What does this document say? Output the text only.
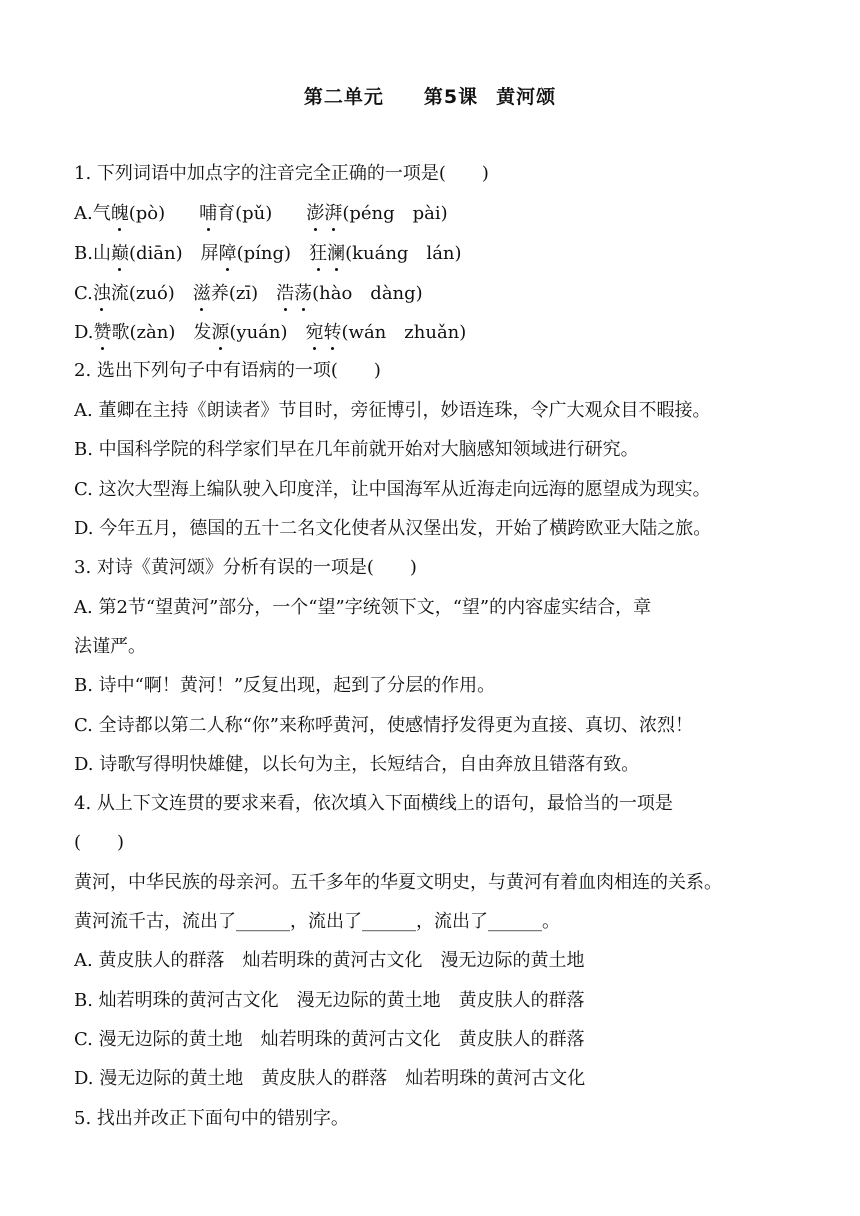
第二单元 第5课 黄河颂
1. 下列词语中加点字的注音完全正确的一项是(　　)
A.气魄(pò) 哺育(pǔ) 澎湃(péng　pài)
B.山巅(diān) 屏障(píng) 狂澜(kuáng　lán)
C.浊流(zuó) 滋养(zī) 浩荡(hào　dàng)
D.赞歌(zàn) 发源(yuán) 宛转(wán　zhuǎn)
2. 选出下列句子中有语病的一项(　　)
A. 董卿在主持《朗读者》节目时，旁征博引，妙语连珠，令广大观众目不暇接。
B. 中国科学院的科学家们早在几年前就开始对大脑感知领域进行研究。
C. 这次大型海上编队驶入印度洋，让中国海军从近海走向远海的愿望成为现实。
D. 今年五月，德国的五十二名文化使者从汉堡出发，开始了横跨欧亚大陆之旅。
3. 对诗《黄河颂》分析有误的一项是(　　)
A. 第2节“望黄河”部分，一个“望”字统领下文，“望”的内容虚实结合，章
法谨严。
B. 诗中“啊！黄河！”反复出现，起到了分层的作用。
C. 全诗都以第二人称“你”来称呼黄河，使感情抒发得更为直接、真切、浓烈！
D. 诗歌写得明快雄健，以长句为主，长短结合，自由奔放且错落有致。
4. 从上下文连贯的要求来看，依次填入下面横线上的语句，最恰当的一项是
(　　)
黄河，中华民族的母亲河。五千多年的华夏文明史，与黄河有着血肉相连的关系。
黄河流千古，流出了______，流出了______，流出了______。
A. 黄皮肤人的群落　灿若明珠的黄河古文化　漫无边际的黄土地
B. 灿若明珠的黄河古文化　漫无边际的黄土地　黄皮肤人的群落
C. 漫无边际的黄土地　灿若明珠的黄河古文化　黄皮肤人的群落
D. 漫无边际的黄土地　黄皮肤人的群落　灿若明珠的黄河古文化
5. 找出并改正下面句中的错别字。
